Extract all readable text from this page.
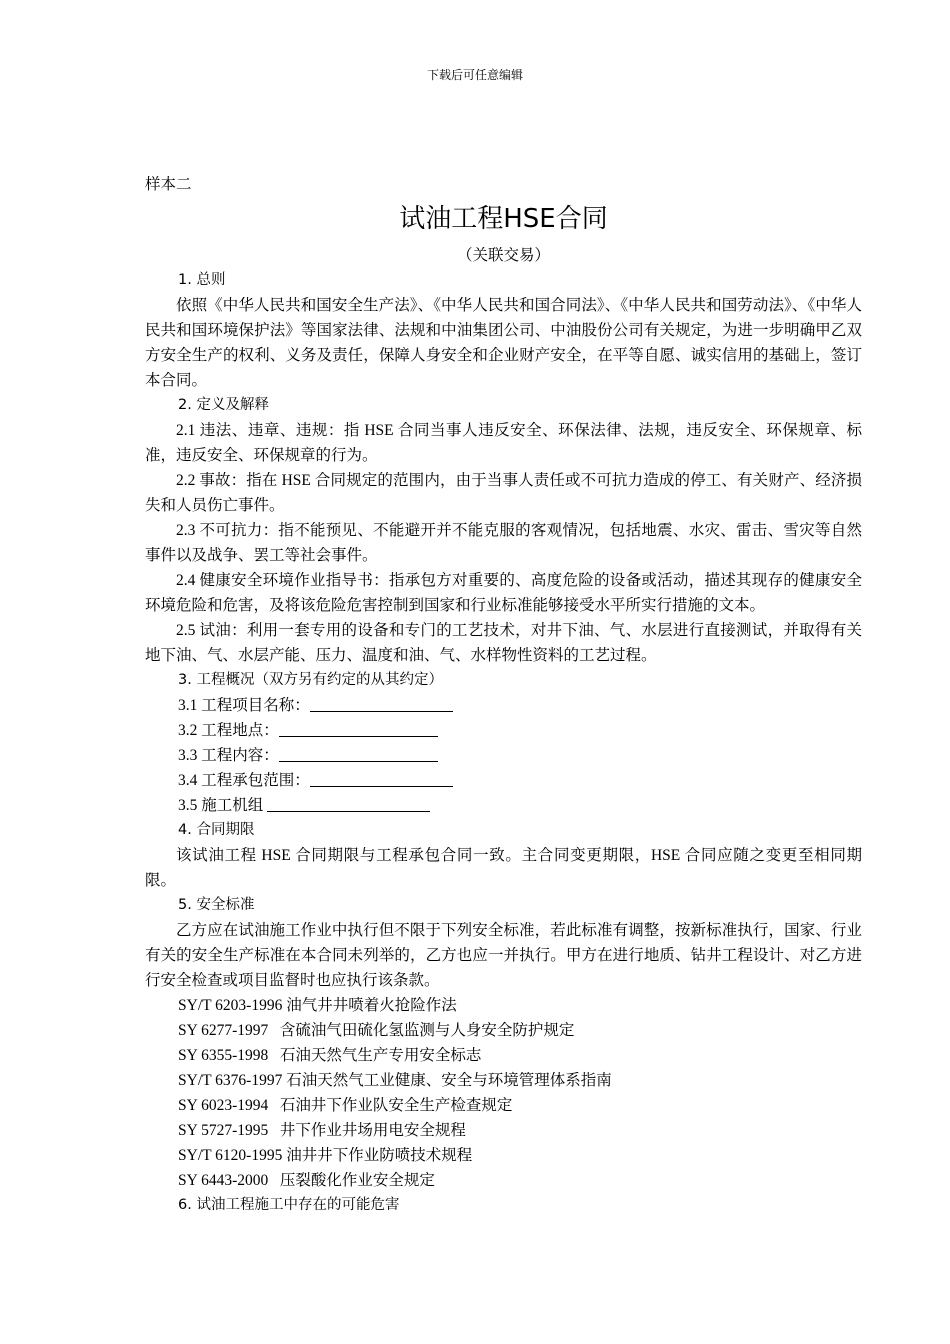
下载后可任意编辑

样本二

试油工程HSE合同

（关联交易）

1. 总则

依照《中华人民共和国安全生产法》、《中华人民共和国合同法》、《中华人民共和国劳动法》、《中华人民共和国环境保护法》等国家法律、法规和中油集团公司、中油股份公司有关规定，为进一步明确甲乙双方安全生产的权利、义务及责任，保障人身安全和企业财产安全，在平等自愿、诚实信用的基础上，签订本合同。

2. 定义及解释

2.1 违法、违章、违规：指 HSE 合同当事人违反安全、环保法律、法规，违反安全、环保规章、标准，违反安全、环保规章的行为。

2.2 事故：指在 HSE 合同规定的范围内，由于当事人责任或不可抗力造成的停工、有关财产、经济损失和人员伤亡事件。

2.3 不可抗力：指不能预见、不能避开并不能克服的客观情况，包括地震、水灾、雷击、雪灾等自然事件以及战争、罢工等社会事件。

2.4 健康安全环境作业指导书：指承包方对重要的、高度危险的设备或活动，描述其现存的健康安全环境危险和危害，及将该危险危害控制到国家和行业标准能够接受水平所实行措施的文本。

2.5 试油：利用一套专用的设备和专门的工艺技术，对井下油、气、水层进行直接测试，并取得有关地下油、气、水层产能、压力、温度和油、气、水样物性资料的工艺过程。

3. 工程概况（双方另有约定的从其约定）

3.1 工程项目名称：

3.2 工程地点：

3.3 工程内容：

3.4 工程承包范围：

3.5 施工机组

4. 合同期限

该试油工程 HSE 合同期限与工程承包合同一致。主合同变更期限，HSE 合同应随之变更至相同期限。

5. 安全标准

乙方应在试油施工作业中执行但不限于下列安全标准，若此标准有调整，按新标准执行，国家、行业有关的安全生产标准在本合同未列举的，乙方也应一并执行。甲方在进行地质、钻井工程设计、对乙方进行安全检查或项目监督时也应执行该条款。

SY/T 6203-1996 油气井井喷着火抢险作法

SY 6277-1997   含硫油气田硫化氢监测与人身安全防护规定

SY 6355-1998   石油天然气生产专用安全标志

SY/T 6376-1997 石油天然气工业健康、安全与环境管理体系指南

SY 6023-1994   石油井下作业队安全生产检查规定

SY 5727-1995   井下作业井场用电安全规程

SY/T 6120-1995 油井井下作业防喷技术规程

SY 6443-2000   压裂酸化作业安全规定

6. 试油工程施工中存在的可能危害
